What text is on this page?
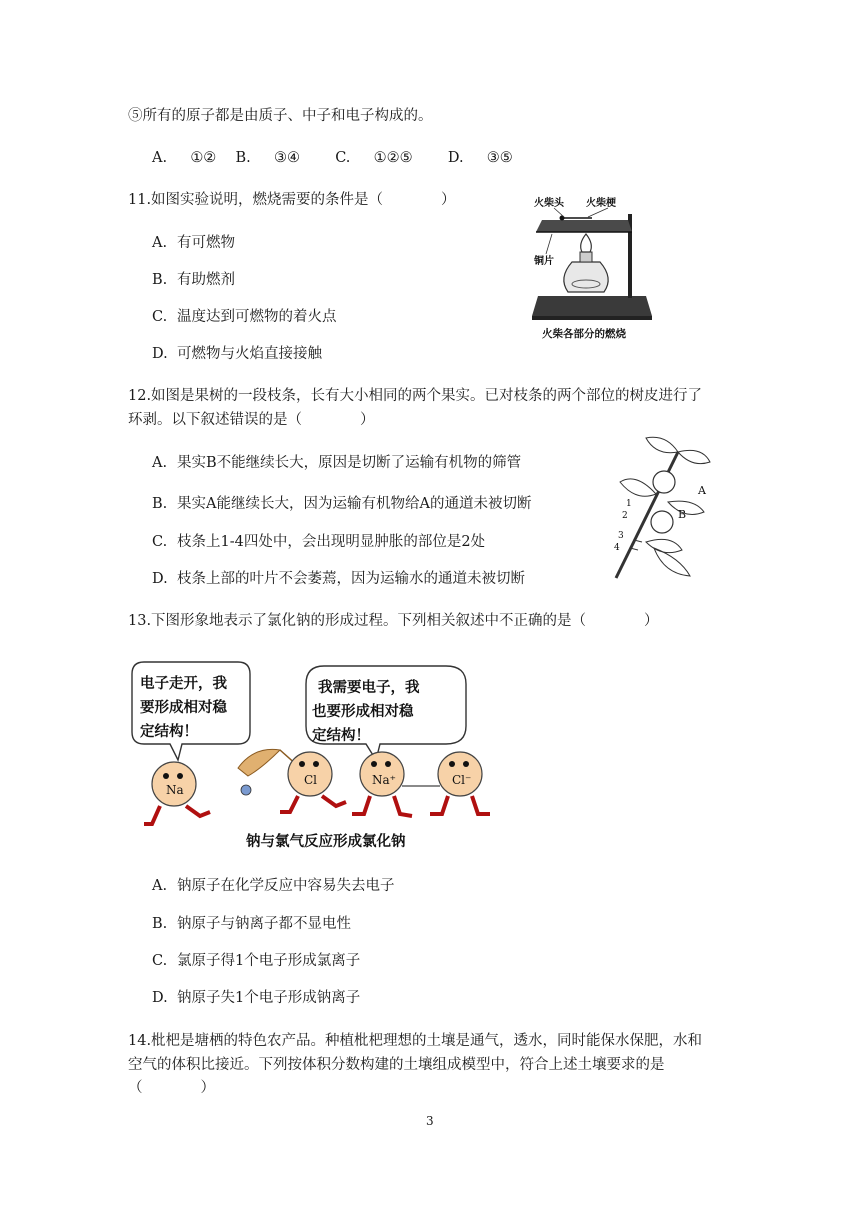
⑤所有的原子都是由质子、中子和电子构成的。
A. ①② B. ③④ C. ①②⑤ D. ③⑤
11.如图实验说明，燃烧需要的条件是（　　　　）
A. 有可燃物
B. 有助燃剂
C. 温度达到可燃物的着火点
D. 可燃物与火焰直接接触
火柴头 火柴梗
铜片
火柴各部分的燃烧
12.如图是果树的一段枝条，长有大小相同的两个果实。已对枝条的两个部位的树皮进行了
环剥。以下叙述错误的是（　　　　）
A. 果实B不能继续长大，原因是切断了运输有机物的筛管
B. 果实A能继续长大，因为运输有机物给A的通道未被切断
C. 枝条上1-4四处中，会出现明显肿胀的部位是2处
D. 枝条上部的叶片不会萎蔫，因为运输水的通道未被切断
A
B
1
2
3
4
13.下图形象地表示了氯化钠的形成过程。下列相关叙述中不正确的是（　　　　）
电子走开，我
要形成相对稳
定结构！
我需要电子，我
也要形成相对稳
定结构！
Na
Cl	Na⁺	Cl⁻
钠与氯气反应形成氯化钠
A. 钠原子在化学反应中容易失去电子
B. 钠原子与钠离子都不显电性
C. 氯原子得1个电子形成氯离子
D. 钠原子失1个电子形成钠离子
14.枇杷是塘栖的特色农产品。种植枇杷理想的土壤是通气，透水，同时能保水保肥，水和
空气的体积比接近。下列按体积分数构建的土壤组成模型中，符合上述土壤要求的是
（　　　　）
3
